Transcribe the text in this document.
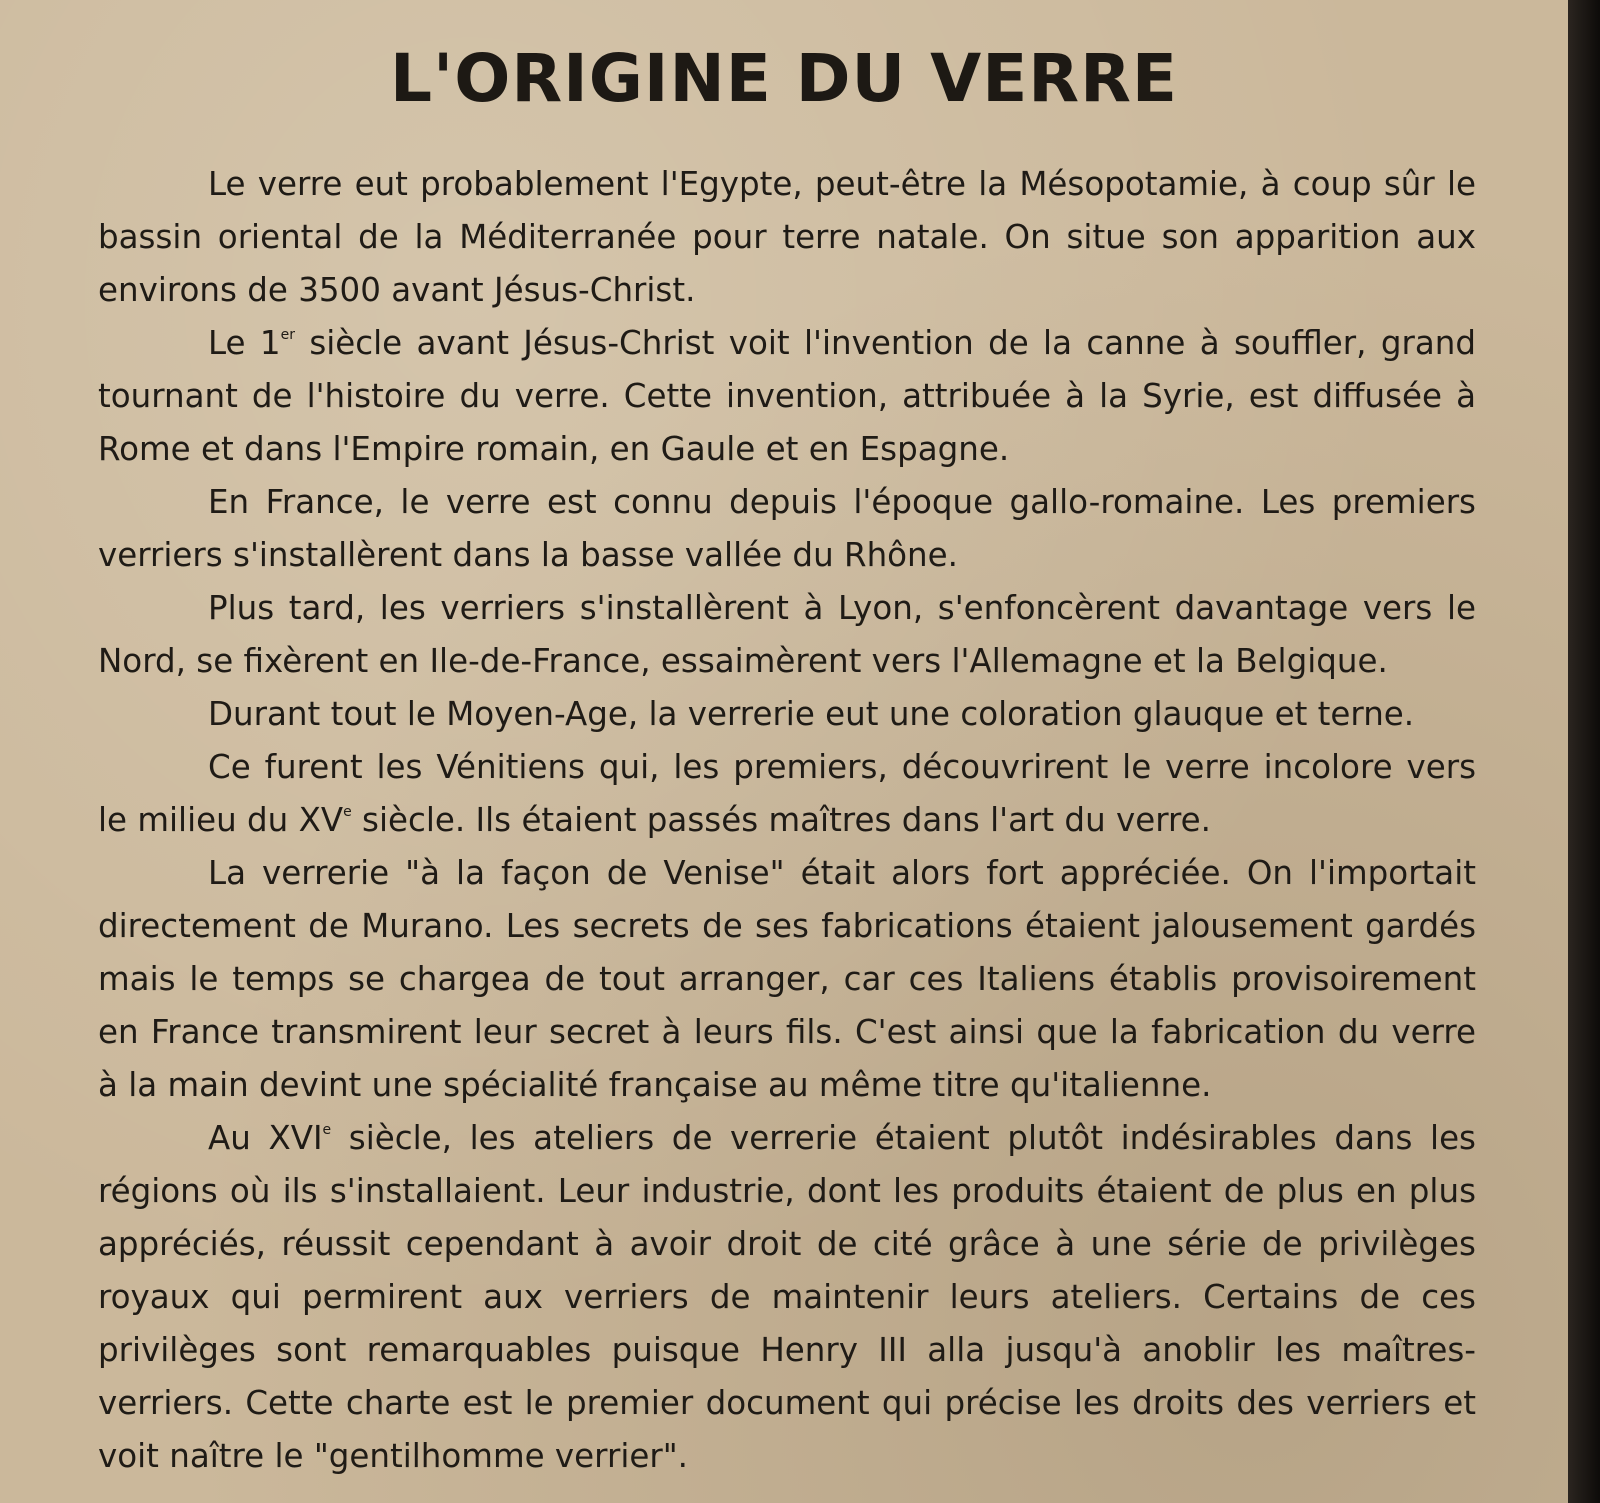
L'ORIGINE DU VERRE

Le verre eut probablement l'Egypte, peut-être la Mésopotamie, à coup sûr le bassin oriental de la Méditerranée pour terre natale. On situe son apparition aux environs de 3500 avant Jésus-Christ.

Le 1er siècle avant Jésus-Christ voit l'invention de la canne à souffler, grand tournant de l'histoire du verre. Cette invention, attribuée à la Syrie, est diffusée à Rome et dans l'Empire romain, en Gaule et en Espagne.

En France, le verre est connu depuis l'époque gallo-romaine. Les premiers verriers s'installèrent dans la basse vallée du Rhône.

Plus tard, les verriers s'installèrent à Lyon, s'enfoncèrent davantage vers le Nord, se fixèrent en Ile-de-France, essaimèrent vers l'Allemagne et la Belgique.

Durant tout le Moyen-Age, la verrerie eut une coloration glauque et terne.

Ce furent les Vénitiens qui, les premiers, découvrirent le verre incolore vers le milieu du XVe siècle. Ils étaient passés maîtres dans l'art du verre.

La verrerie "à la façon de Venise" était alors fort appréciée. On l'importait directement de Murano. Les secrets de ses fabrications étaient jalousement gardés mais le temps se chargea de tout arranger, car ces Italiens établis provisoirement en France transmirent leur secret à leurs fils. C'est ainsi que la fabrication du verre à la main devint une spécialité française au même titre qu'italienne.

Au XVIe siècle, les ateliers de verrerie étaient plutôt indésirables dans les régions où ils s'installaient. Leur industrie, dont les produits étaient de plus en plus appréciés, réussit cependant à avoir droit de cité grâce à une série de privilèges royaux qui permirent aux verriers de maintenir leurs ateliers. Certains de ces privilèges sont remarquables puisque Henry III alla jusqu'à anoblir les maîtres-verriers. Cette charte est le premier document qui précise les droits des verriers et voit naître le "gentilhomme verrier".
